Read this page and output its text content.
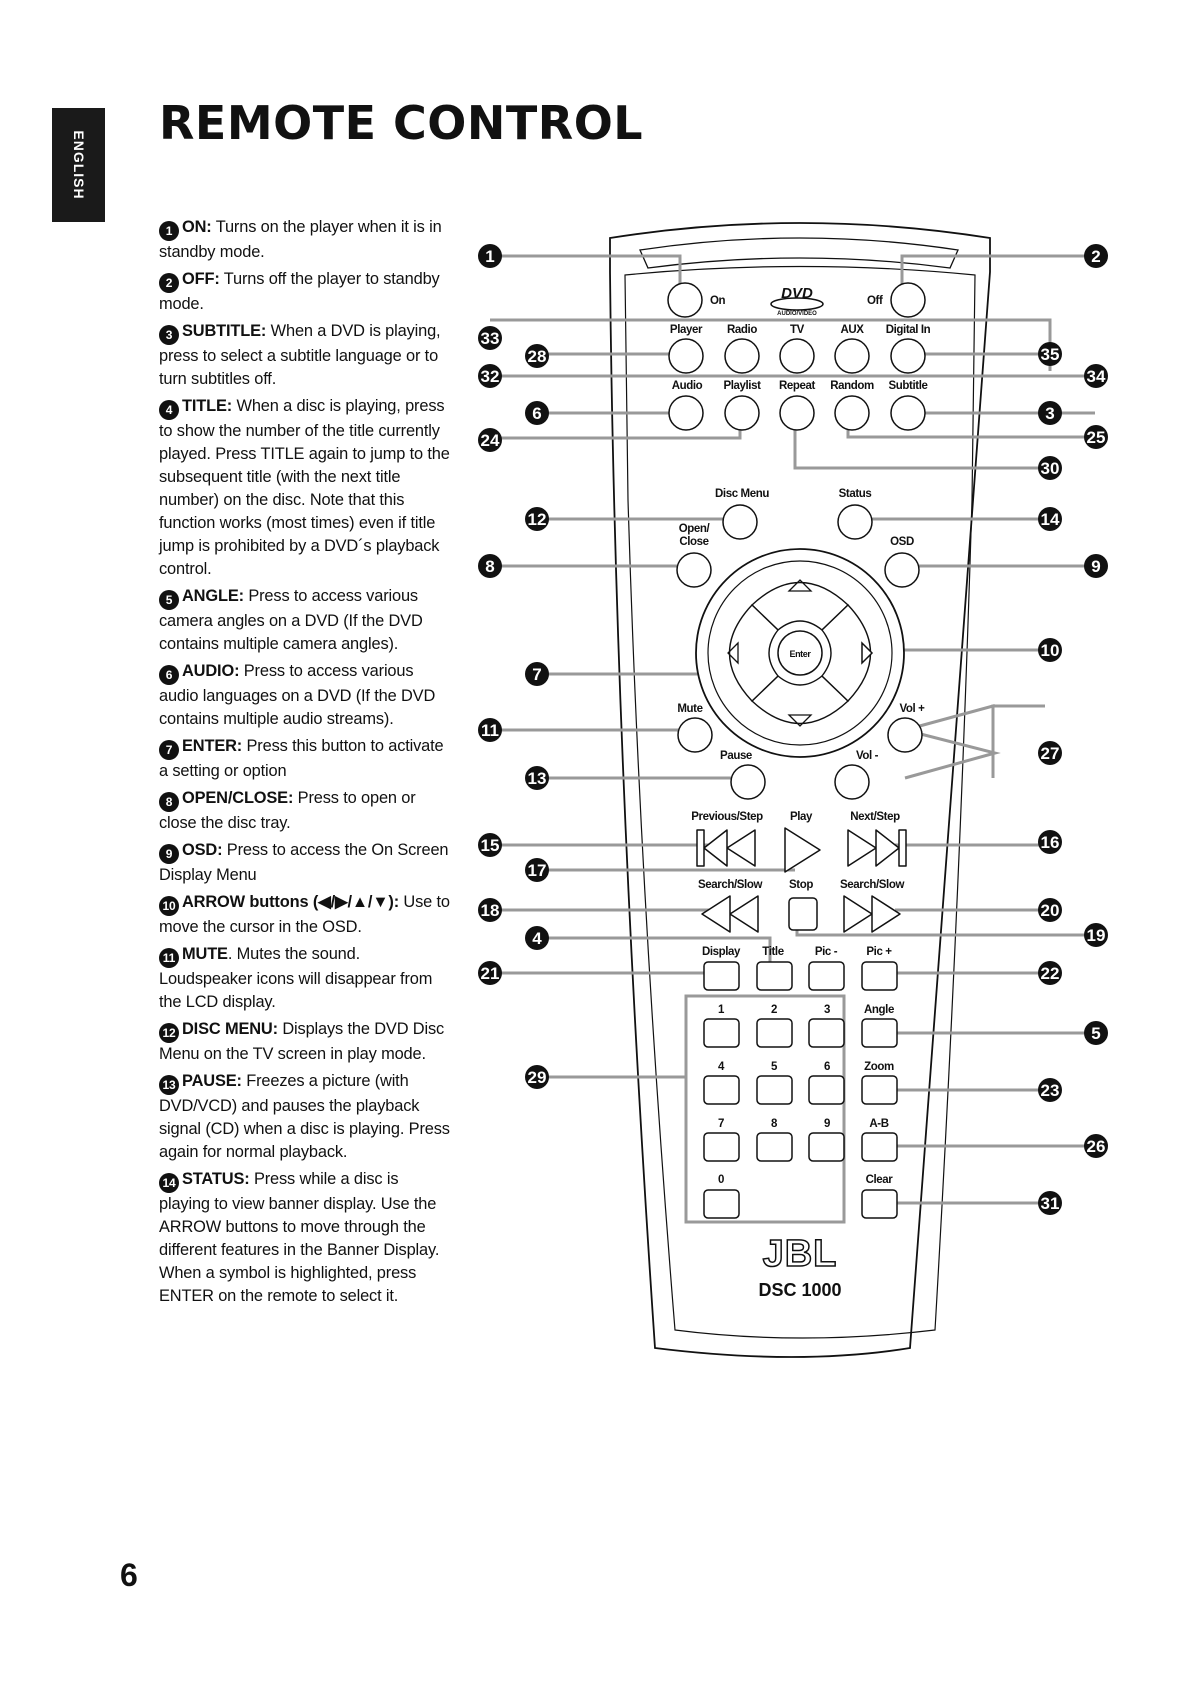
ENGLISH
REMOTE CONTROL

1 ON: Turns on the player when it is in standby mode.

2 OFF: Turns off the player to standby mode.

3 SUBTITLE: When a DVD is playing, press to select a subtitle language or to turn subtitles off.

4 TITLE: When a disc is playing, press to show the number of the title currently played. Press TITLE again to jump to the subsequent title (with the next title number) on the disc. Note that this function works (most times) even if title jump is prohibited by a DVD´s playback control.

5 ANGLE: Press to access various camera angles on a DVD (If the DVD contains multiple camera angles).

6 AUDIO: Press to access various audio languages on a DVD (If the DVD contains multiple audio streams).

7 ENTER: Press this button to activate a setting or option

8 OPEN/CLOSE: Press to open or close the disc tray.

9 OSD: Press to access the On Screen Display Menu

10 ARROW buttons (◀/▶/▲/▼): Use to move the cursor in the OSD.

11 MUTE. Mutes the sound. Loudspeaker icons will disappear from the LCD display.

12 DISC MENU: Displays the DVD Disc Menu on the TV screen in play mode.

13 PAUSE: Freezes a picture (with DVD/VCD) and pauses the playback signal (CD) when a disc is playing. Press again for normal playback.

14 STATUS: Press while a disc is playing to view banner display. Use the ARROW buttons to move through the different features in the Banner Display. When a symbol is highlighted, press ENTER on the remote to select it.

6

On	DVD
AUDIO/VIDEO
Off
Player Radio	TV	AUX Digital In
Audio Playlist Repeat Random Subtitle
Disc Menu	Status
Open/
Close	OSD
Enter
Mute	Vol +
Pause	Vol -
Previous/Step Play	Next/Step
Search/Slow Stop Search/Slow
Display Title	Pic -	Pic +
1	2	3	Angle
4	5	6	Zoom
7	8	9	A-B
0	Clear
JBL
DSC 1000
1	2
33
28	35
32	34
6	3
24	25
30
12	14
8	9
10
7
11
27
13
15	16
17
18	20
19
4
21	22
5
29
23
26
31
